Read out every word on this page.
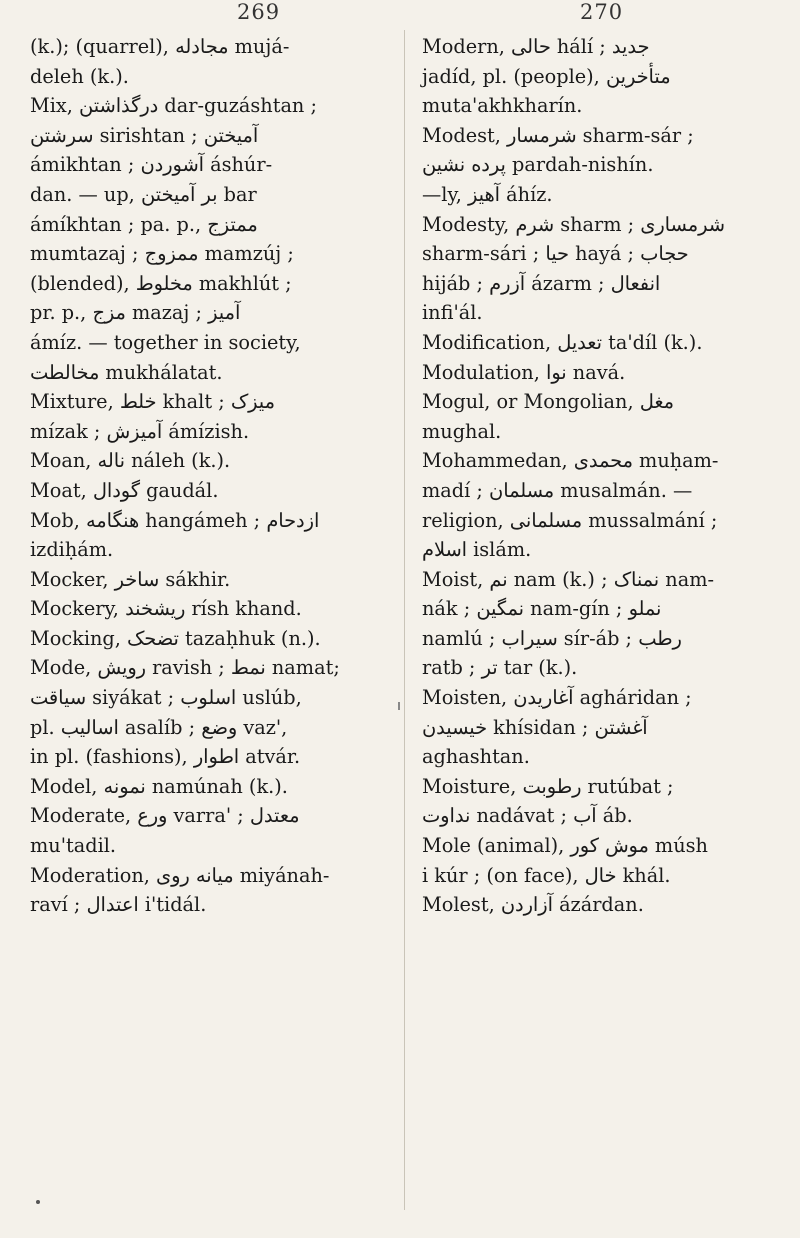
269	270

(k.); (quarrel), مجادله mujá-

deleh (k.).

Mix, درگذاشتن dar-guzáshtan ;

سرشتن sirishtan ; آمیختن

ámikhtan ; آشوردن áshúr-

dan. — up, بر آمیختن bar

ámíkhtan ; pa. p., ممتزج

mumtazaj ; ممزوج mamzúj ;

(blended), مخلوط makhlút ;

pr. p., مزج mazaj ; آمیز

ámíz. — together in society,

مخالطت mukhálatat.

Mixture, خلط khalt ; میزک

mízak ; آمیزش ámízish.

Moan, ناله náleh (k.).

Moat, گودال gaudál.

Mob, هنگامه hangámeh ; ازدحام

izdiḥám.

Mocker, ساخر sákhir.

Mockery, ریشخند rísh khand.

Mocking, تضحک tazaḥhuk (n.).

Mode, رویش ravish ; نمط namat;

سیاقت siyákat ; اسلوب uslúb,

pl. اسالیب asalíb ; وضع vaz',

in pl. (fashions), اطوار atvár.

Model, نمونه namúnah (k.).

Moderate, ورع varra' ; معتدل

mu'tadil.

Moderation, میانه روی miyánah-

raví ; اعتدال i'tidál.

Modern, حالی hálí ; جدید

jadíd, pl. (people), متأخرین

muta'akhkharín.

Modest, شرمسار sharm-sár ;

پرده نشین pardah-nishín.

—ly, آهیز áhíz.

Modesty, شرم sharm ; شرمساری

sharm-sári ; حیا hayá ; حجاب

hijáb ; آزرم ázarm ; انفعال

infi'ál.

Modification, تعدیل ta'díl (k.).

Modulation, نوا navá.

Mogul, or Mongolian, مغل

mughal.

Mohammedan, محمدی muḥam-

madí ; مسلمان musalmán. —

religion, مسلمانی mussalmání ;

اسلام islám.

Moist, نم nam (k.) ; نمناک nam-

nák ; نمگین nam-gín ; نملو

namlú ; سیراب sír-áb ; رطب

ratb ; تر tar (k.).

Moisten, آغاریدن agháridan ;

خیسیدن khísidan ; آغشتن

aghashtan.

Moisture, رطوبت rutúbat ;

نداوت nadávat ; آب áb.

Mole (animal), موش کور músh

i kúr ; (on face), خال khál.

Molest, آزاردن ázárdan.
